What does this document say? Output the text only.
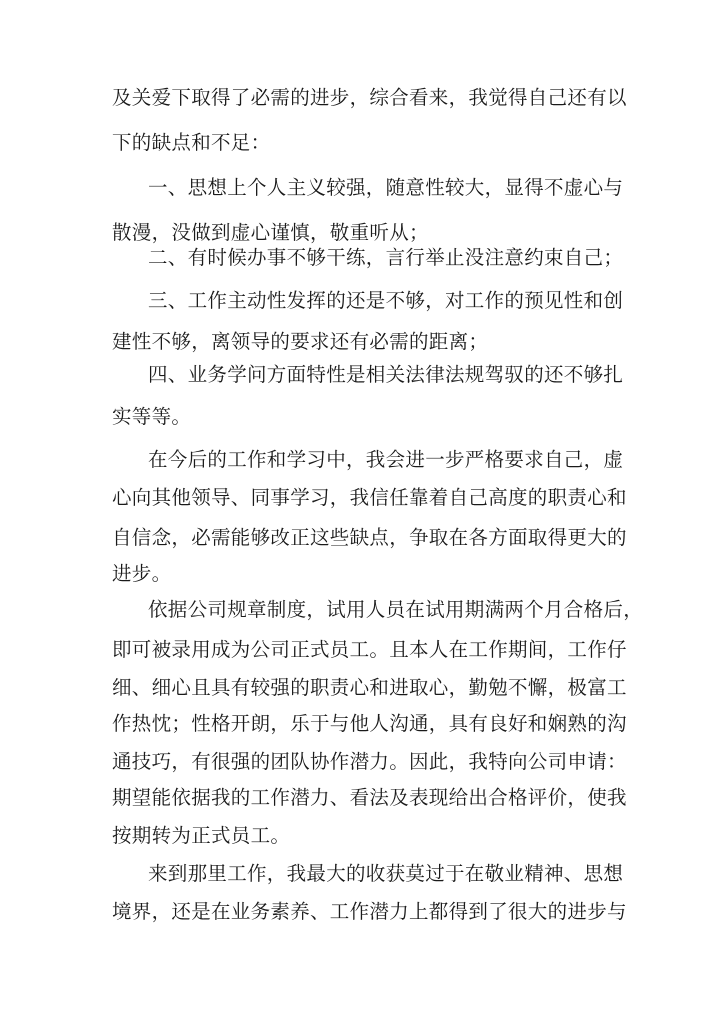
及关爱下取得了必需的进步，综合看来，我觉得自己还有以
下的缺点和不足：
一、思想上个人主义较强，随意性较大，显得不虚心与
散漫，没做到虚心谨慎，敬重听从；
二、有时候办事不够干练，言行举止没注意约束自己；
三、工作主动性发挥的还是不够，对工作的预见性和创
建性不够，离领导的要求还有必需的距离；
四、业务学问方面特性是相关法律法规驾驭的还不够扎
实等等。
在今后的工作和学习中，我会进一步严格要求自己，虚
心向其他领导、同事学习，我信任靠着自己高度的职责心和
自信念，必需能够改正这些缺点，争取在各方面取得更大的
进步。
依据公司规章制度，试用人员在试用期满两个月合格后，
即可被录用成为公司正式员工。且本人在工作期间，工作仔
细、细心且具有较强的职责心和进取心，勤勉不懈，极富工
作热忱；性格开朗，乐于与他人沟通，具有良好和娴熟的沟
通技巧，有很强的团队协作潜力。因此，我特向公司申请：
期望能依据我的工作潜力、看法及表现给出合格评价，使我
按期转为正式员工。
来到那里工作，我最大的收获莫过于在敬业精神、思想
境界，还是在业务素养、工作潜力上都得到了很大的进步与
